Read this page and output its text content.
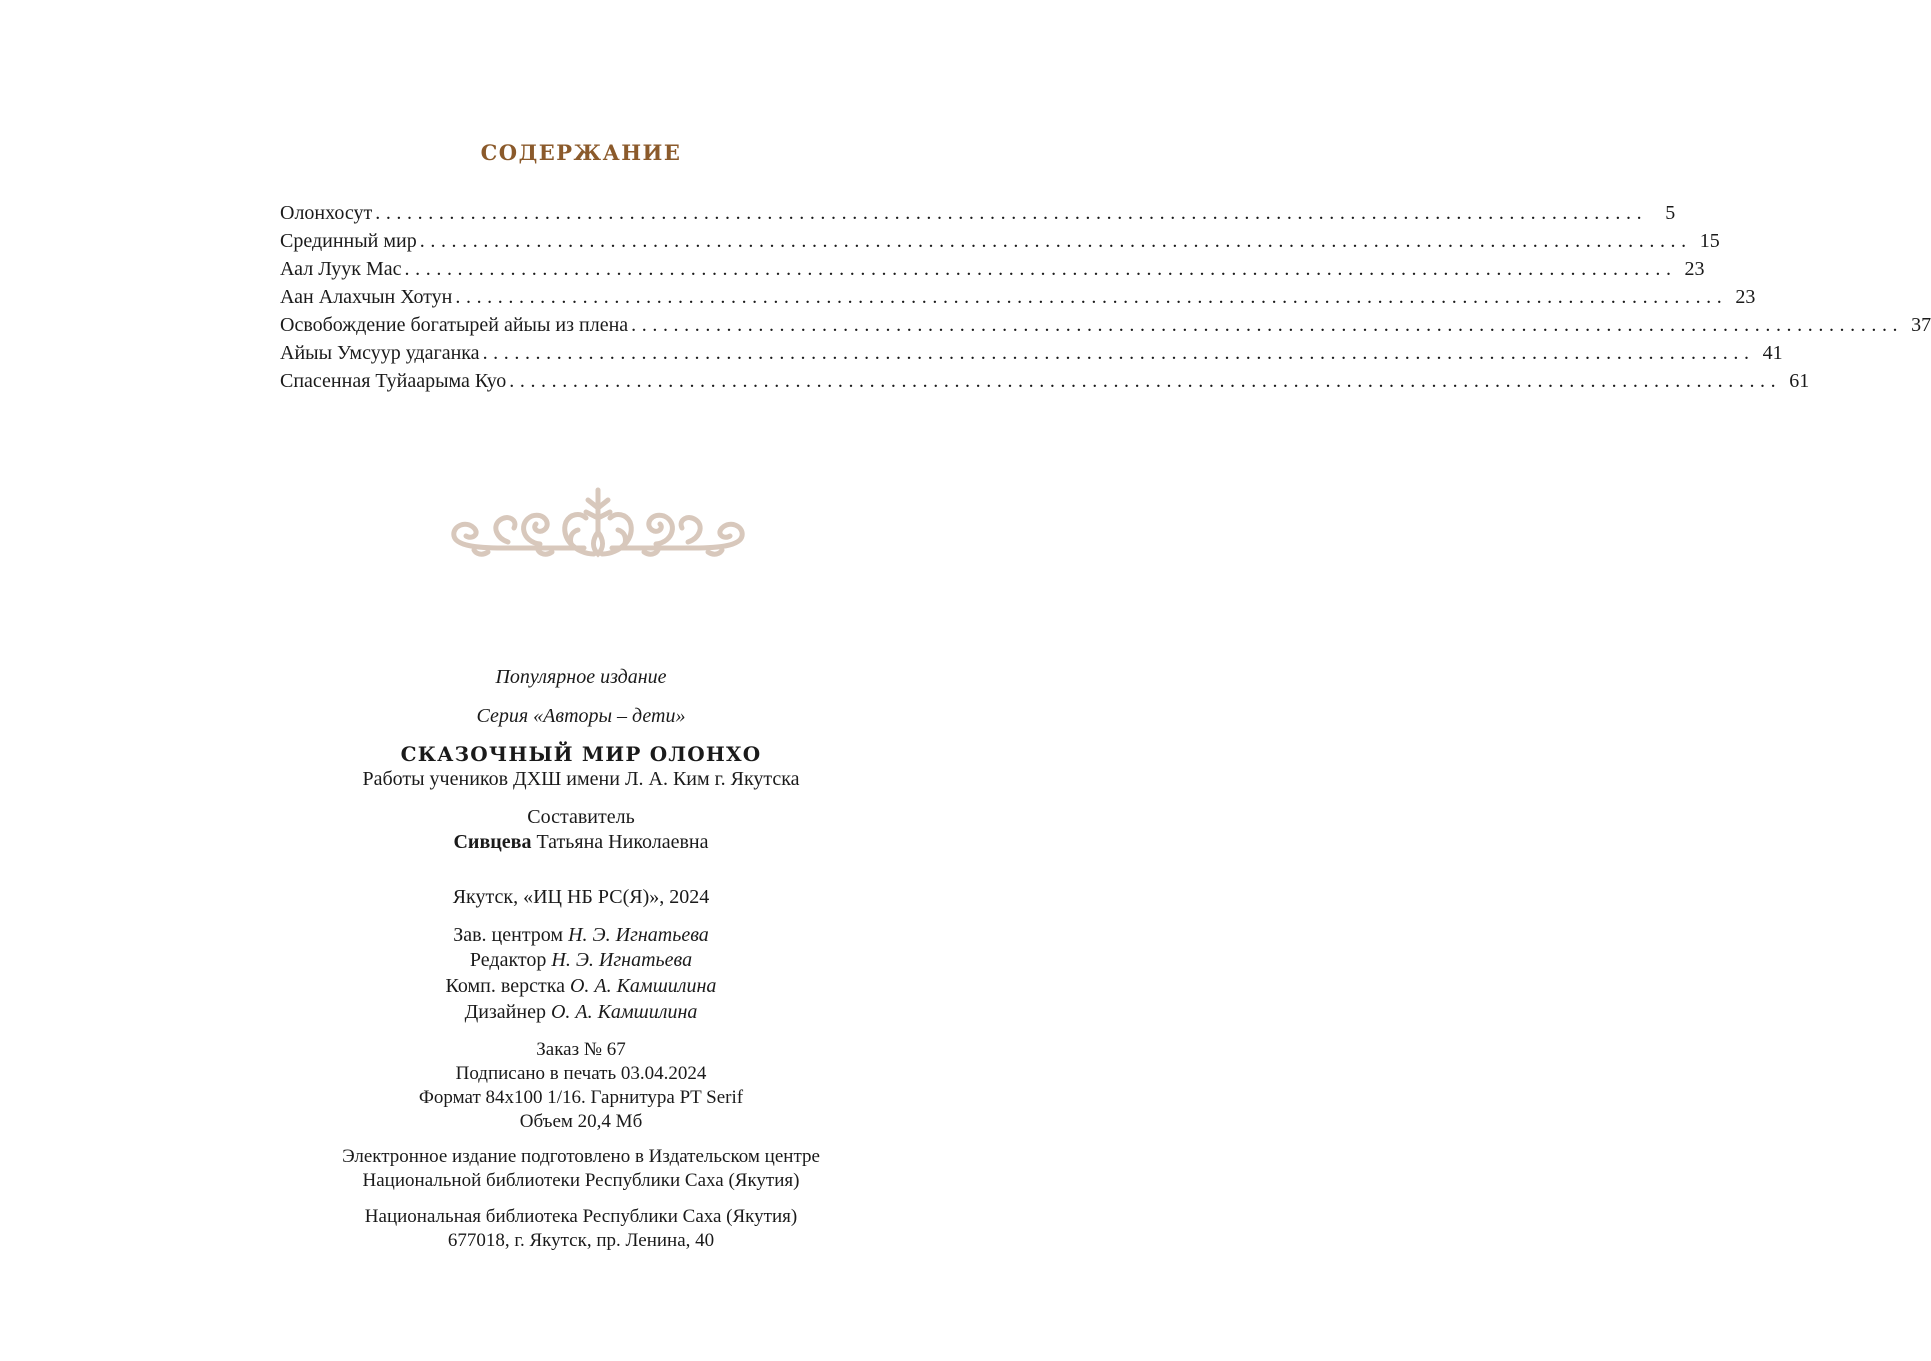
СОДЕРЖАНИЕ
Олонхосут ........................................................................................................................ 5
Срединный мир ........................................................................................................................ 15
Аал Луук Мас ........................................................................................................................ 23
Аан Алахчын Хотун ........................................................................................................................ 23
Освобождение богатырей айыы из плена ........................................................................................................................ 37
Айыы Умсуур удаганка ........................................................................................................................ 41
Спасенная Туйаарыма Куо ........................................................................................................................ 61
Популярное издание
Серия «Авторы – дети»
СКАЗОЧНЫЙ МИР ОЛОНХО
Работы учеников ДХШ имени Л. А. Ким г. Якутска
Составитель
Сивцева Татьяна Николаевна
Якутск, «ИЦ НБ РС(Я)», 2024
Зав. центром Н. Э. Игнатьева
Редактор Н. Э. Игнатьева
Комп. верстка О. А. Камшилина
Дизайнер О. А. Камшилина
Заказ № 67
Подписано в печать 03.04.2024
Формат 84х100 1/16. Гарнитура PT Serif
Объем 20,4 Мб
Электронное издание подготовлено в Издательском центре
Национальной библиотеки Республики Саха (Якутия)
Национальная библиотека Республики Саха (Якутия)
677018, г. Якутск, пр. Ленина, 40
